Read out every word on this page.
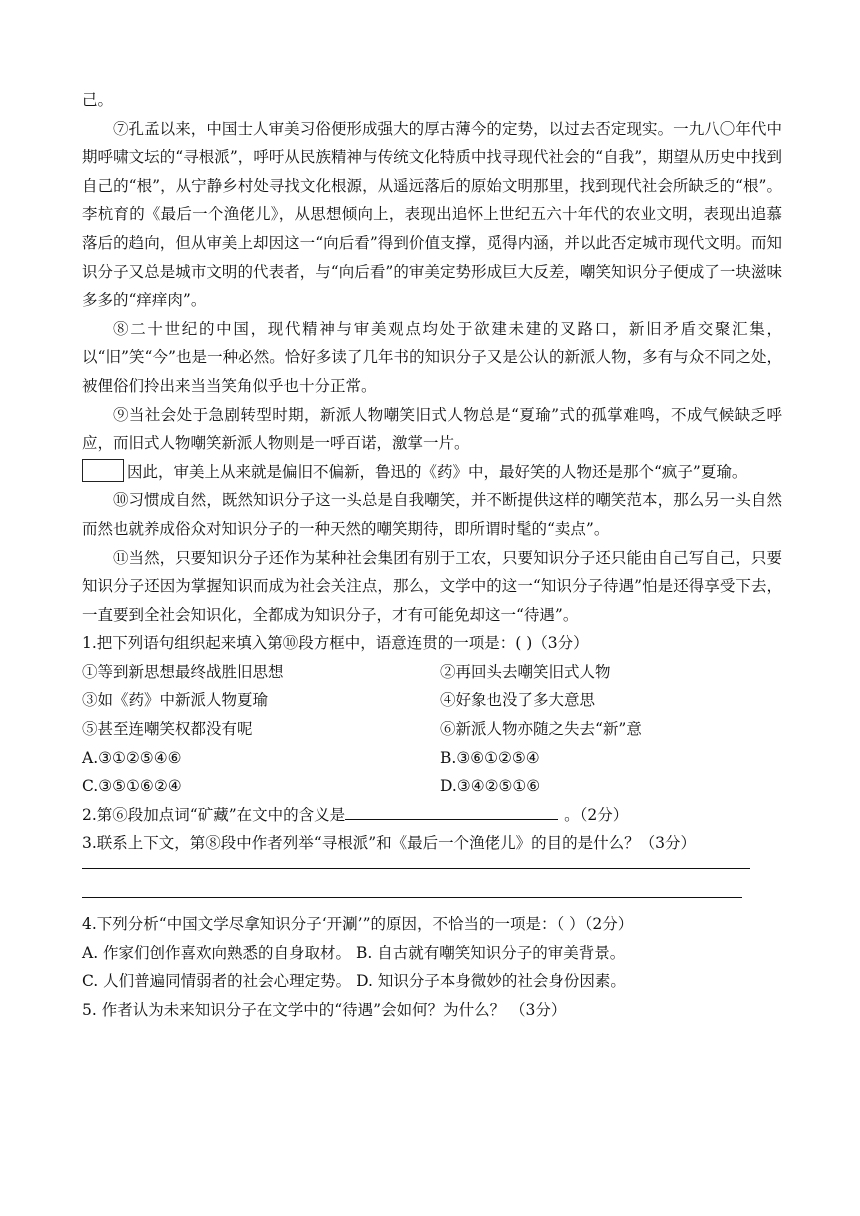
己。

⑦孔孟以来，中国士人审美习俗便形成强大的厚古薄今的定势，以过去否定现实。一九八〇年代中期呼啸文坛的“寻根派”，呼吁从民族精神与传统文化特质中找寻现代社会的“自我”，期望从历史中找到自己的“根”，从宁静乡村处寻找文化根源，从遥远落后的原始文明那里，找到现代社会所缺乏的“根”。李杭育的《最后一个渔佬儿》，从思想倾向上，表现出追怀上世纪五六十年代的农业文明，表现出追慕落后的趋向，但从审美上却因这一“向后看”得到价值支撑，觅得内涵，并以此否定城市现代文明。而知识分子又总是城市文明的代表者，与“向后看”的审美定势形成巨大反差，嘲笑知识分子便成了一块滋味多多的“痒痒肉”。

⑧二十世纪的中国，现代精神与审美观点均处于欲建未建的叉路口，新旧矛盾交聚汇集，以“旧”笑“今”也是一种必然。恰好多读了几年书的知识分子又是公认的新派人物，多有与众不同之处，被俚俗们拎出来当当笑角似乎也十分正常。

⑨当社会处于急剧转型时期，新派人物嘲笑旧式人物总是“夏瑜”式的孤掌难鸣，不成气候缺乏呼应，而旧式人物嘲笑新派人物则是一呼百诺，激掌一片。

因此，审美上从来就是偏旧不偏新，鲁迅的《药》中，最好笑的人物还是那个“疯子”夏瑜。

⑩习惯成自然，既然知识分子这一头总是自我嘲笑，并不断提供这样的嘲笑范本，那么另一头自然而然也就养成俗众对知识分子的一种天然的嘲笑期待，即所谓时髦的“卖点”。

⑪当然，只要知识分子还作为某种社会集团有别于工农，只要知识分子还只能由自己写自己，只要知识分子还因为掌握知识而成为社会关注点，那么，文学中的这一“知识分子待遇”怕是还得享受下去，一直要到全社会知识化，全都成为知识分子，才有可能免却这一“待遇”。

1.把下列语句组织起来填入第⑩段方框中，语意连贯的一项是：( )（3分）

①等到新思想最终战胜旧思想	②再回头去嘲笑旧式人物
③如《药》中新派人物夏瑜	④好象也没了多大意思
⑤甚至连嘲笑权都没有呢	⑥新派人物亦随之失去“新”意
A.③①②⑤④⑥	B.③⑥①②⑤④
C.③⑤①⑥②④	D.③④②⑤①⑥

2.第⑥段加点词“矿藏”在文中的含义是	。（2分）

3.联系上下文，第⑧段中作者列举“寻根派”和《最后一个渔佬儿》的目的是什么？（3分）

4.下列分析“中国文学尽拿知识分子‘开涮’”的原因，不恰当的一项是：（ ）（2分）

A. 作家们创作喜欢向熟悉的自身取材。 B. 自古就有嘲笑知识分子的审美背景。

C. 人们普遍同情弱者的社会心理定势。 D. 知识分子本身微妙的社会身份因素。

5. 作者认为未来知识分子在文学中的“待遇”会如何？为什么？ （3分）
